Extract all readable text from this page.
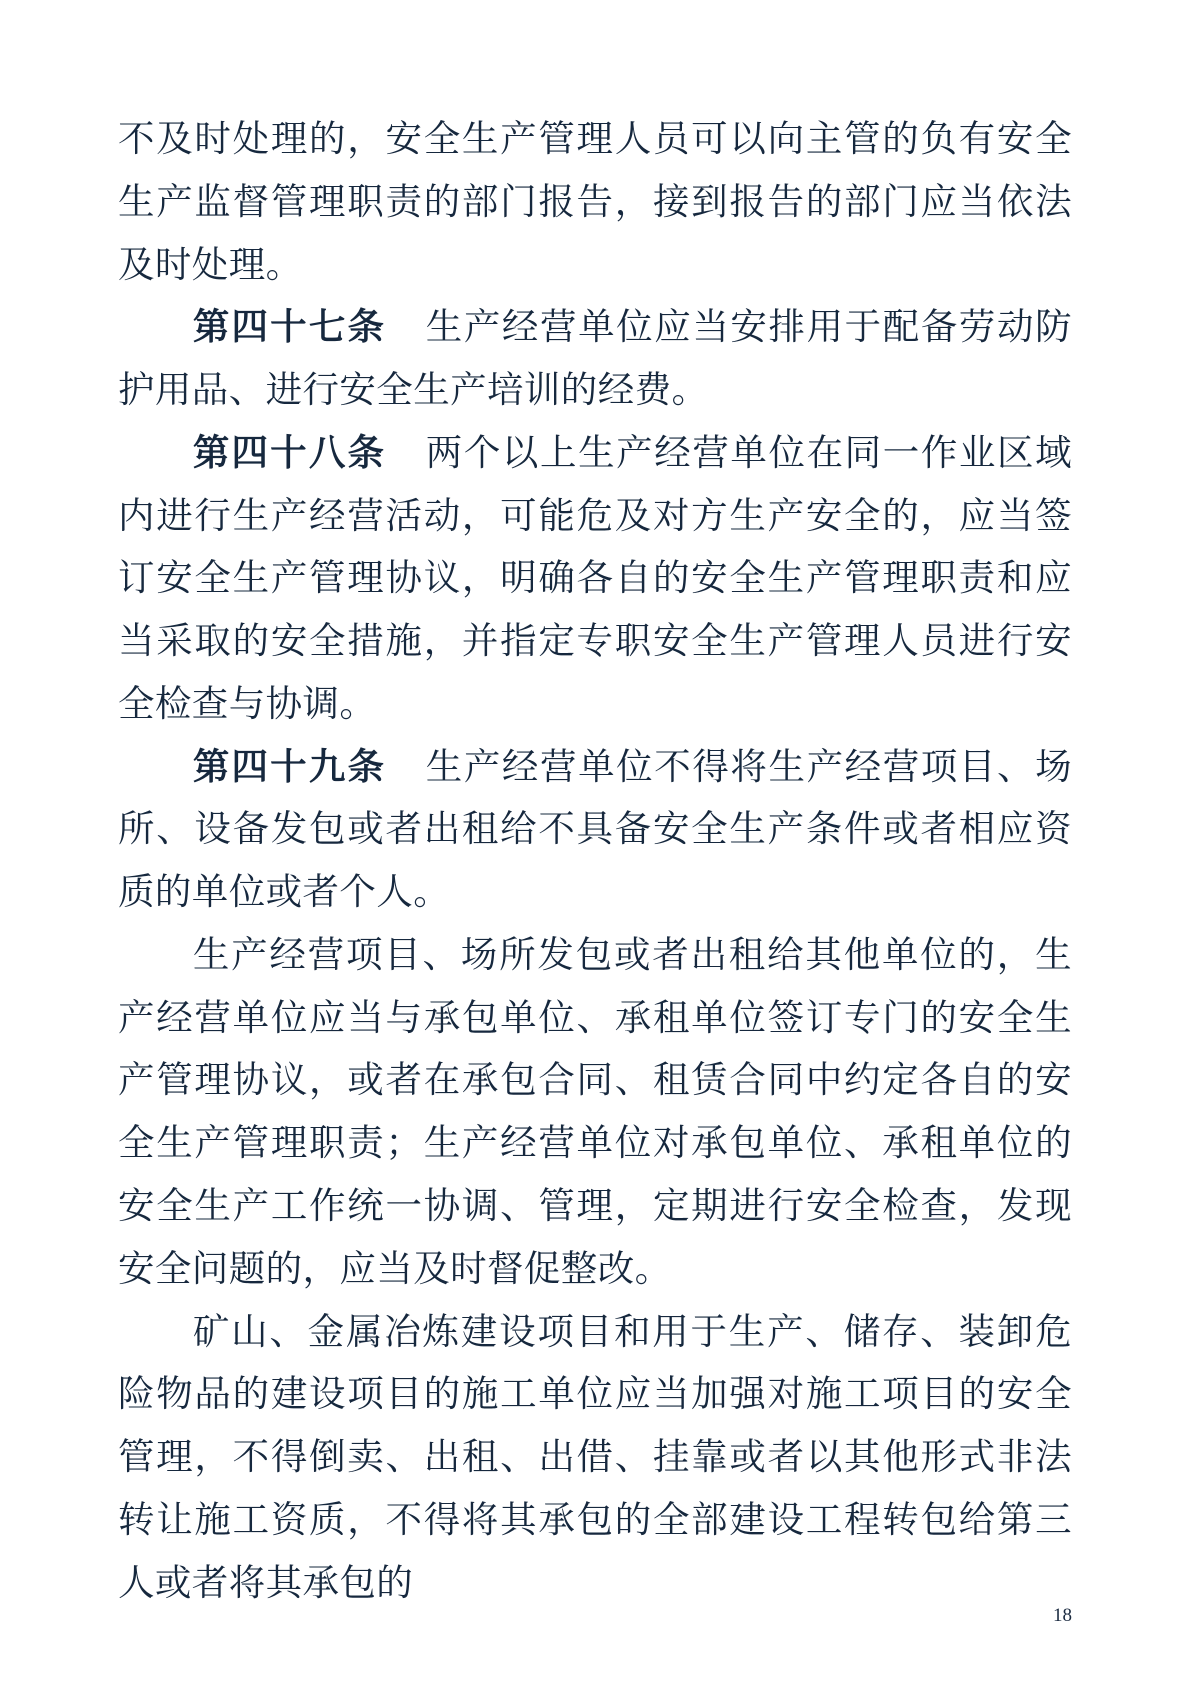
不及时处理的，安全生产管理人员可以向主管的负有安全生产监督管理职责的部门报告，接到报告的部门应当依法及时处理。

第四十七条 生产经营单位应当安排用于配备劳动防护用品、进行安全生产培训的经费。

第四十八条 两个以上生产经营单位在同一作业区域内进行生产经营活动，可能危及对方生产安全的，应当签订安全生产管理协议，明确各自的安全生产管理职责和应当采取的安全措施，并指定专职安全生产管理人员进行安全检查与协调。

第四十九条 生产经营单位不得将生产经营项目、场所、设备发包或者出租给不具备安全生产条件或者相应资质的单位或者个人。

生产经营项目、场所发包或者出租给其他单位的，生产经营单位应当与承包单位、承租单位签订专门的安全生产管理协议，或者在承包合同、租赁合同中约定各自的安全生产管理职责；生产经营单位对承包单位、承租单位的安全生产工作统一协调、管理，定期进行安全检查，发现安全问题的，应当及时督促整改。

矿山、金属冶炼建设项目和用于生产、储存、装卸危险物品的建设项目的施工单位应当加强对施工项目的安全管理，不得倒卖、出租、出借、挂靠或者以其他形式非法转让施工资质，不得将其承包的全部建设工程转包给第三人或者将其承包的

18
